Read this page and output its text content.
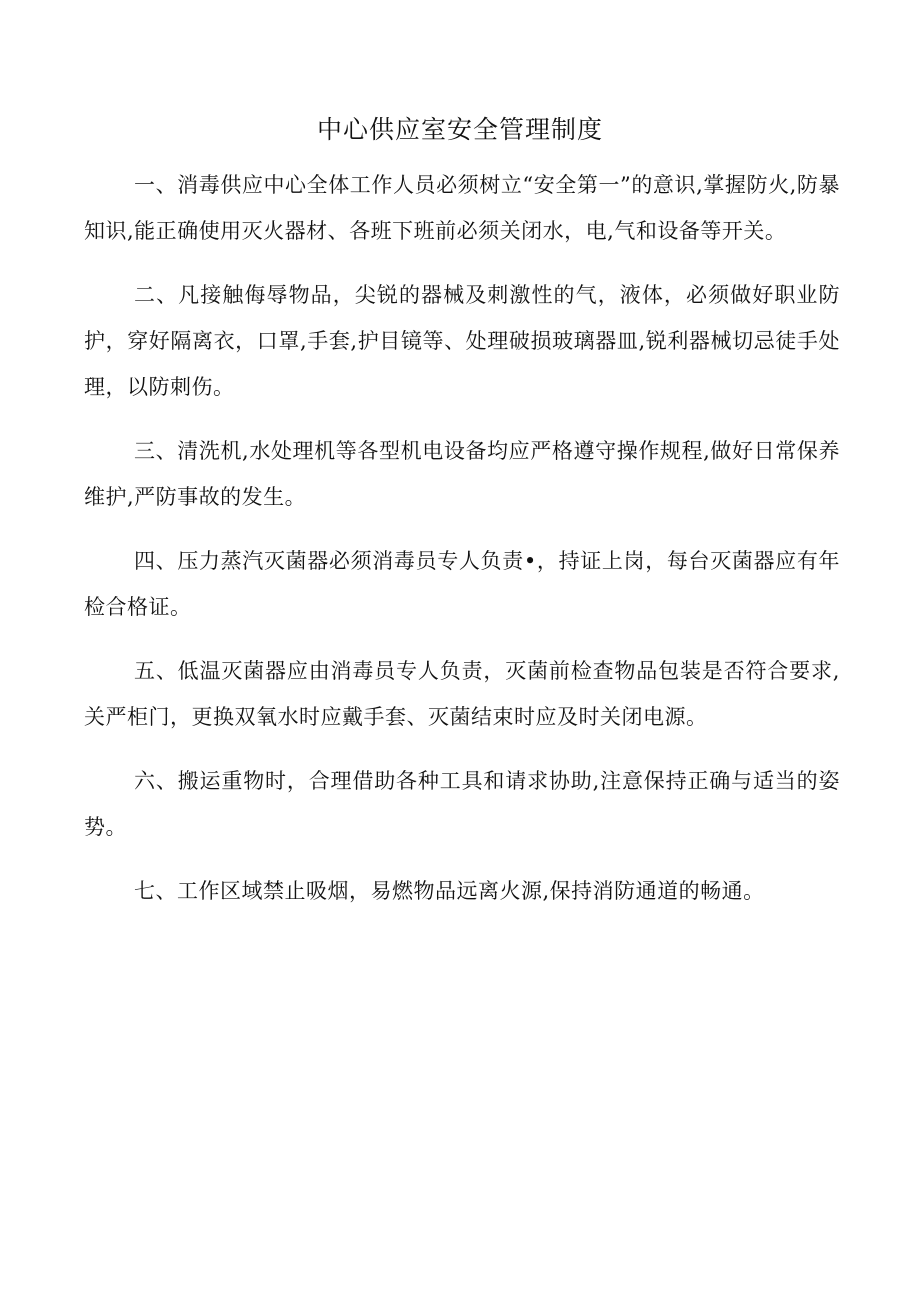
中心供应室安全管理制度

一、消毒供应中心全体工作人员必须树立“安全第一”的意识,掌握防火,防暴知识,能正确使用灭火器材、各班下班前必须关闭水，电,气和设备等开关。

二、凡接触侮辱物品，尖锐的器械及刺激性的气，液体，必须做好职业防护，穿好隔离衣，口罩,手套,护目镜等、处理破损玻璃器皿,锐利器械切忌徒手处理，以防刺伤。

三、清洗机,水处理机等各型机电设备均应严格遵守操作规程,做好日常保养维护,严防事故的发生。

四、压力蒸汽灭菌器必须消毒员专人负责•，持证上岗，每台灭菌器应有年检合格证。

五、低温灭菌器应由消毒员专人负责，灭菌前检查物品包装是否符合要求,关严柜门，更换双氧水时应戴手套、灭菌结束时应及时关闭电源。

六、搬运重物时，合理借助各种工具和请求协助,注意保持正确与适当的姿势。

七、工作区域禁止吸烟，易燃物品远离火源,保持消防通道的畅通。
